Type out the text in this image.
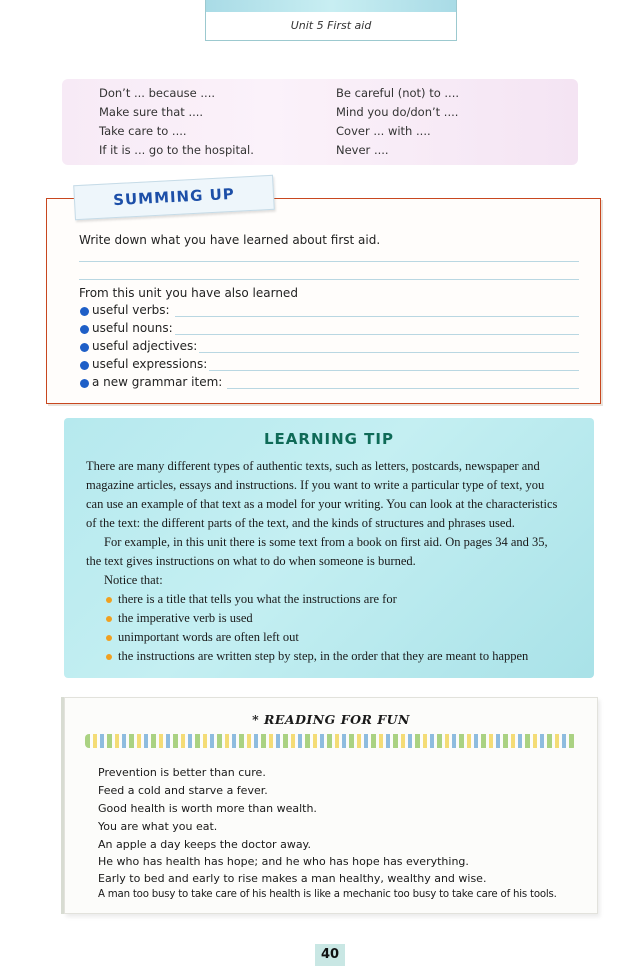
Unit 5 First aid
Don’t ... because ....
Make sure that ....
Take care to ....
If it is ... go to the hospital.
Be careful (not) to ....
Mind you do/don’t ....
Cover ... with ....
Never ....
Write down what you have learned about first aid.
From this unit you have also learned
useful verbs:
useful nouns:
useful adjectives:
useful expressions:
a new grammar item:
SUMMING UP
LEARNING TIP
There are many different types of authentic texts, such as letters, postcards, newspaper and
magazine articles, essays and instructions. If you want to write a particular type of text, you
can use an example of that text as a model for your writing. You can look at the characteristics
of the text: the different parts of the text, and the kinds of structures and phrases used.
For example, in this unit there is some text from a book on first aid. On pages 34 and 35,
the text gives instructions on what to do when someone is burned.
Notice that:
there is a title that tells you what the instructions are for
the imperative verb is used
unimportant words are often left out
the instructions are written step by step, in the order that they are meant to happen
* READING FOR FUN
Prevention is better than cure.
Feed a cold and starve a fever.
Good health is worth more than wealth.
You are what you eat.
An apple a day keeps the doctor away.
He who has health has hope; and he who has hope has everything.
Early to bed and early to rise makes a man healthy, wealthy and wise.
A man too busy to take care of his health is like a mechanic too busy to take care of his tools.
40
